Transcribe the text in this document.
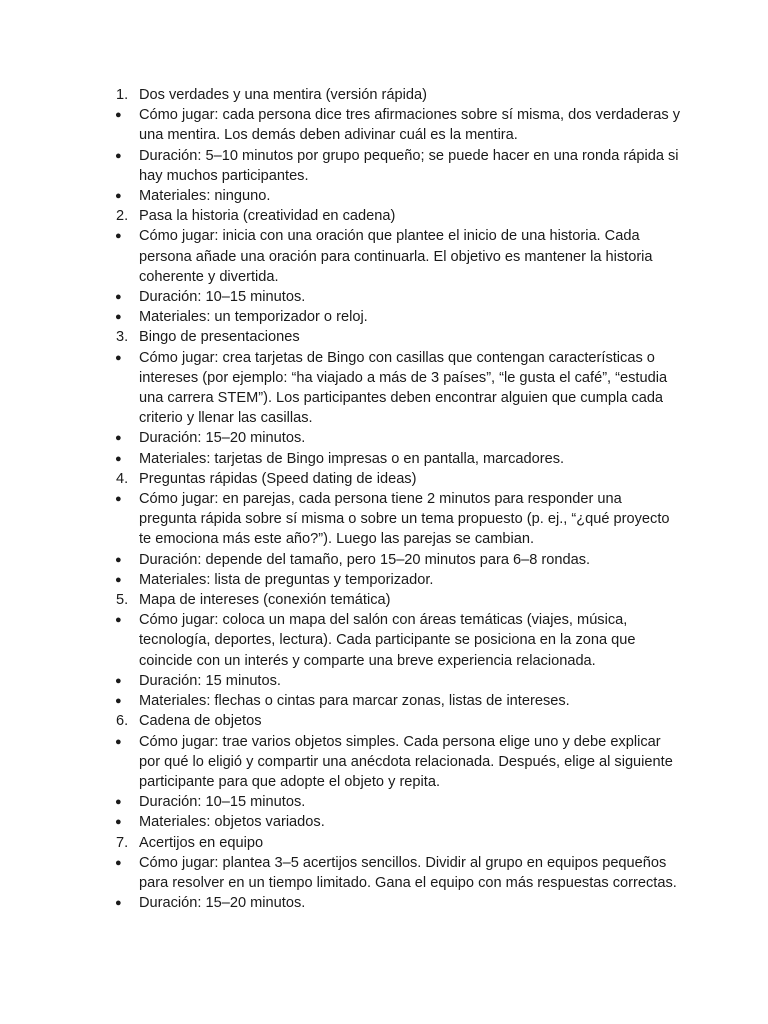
1. Dos verdades y una mentira (versión rápida)
●	Cómo jugar: cada persona dice tres afirmaciones sobre sí misma, dos verdaderas y una mentira. Los demás deben adivinar cuál es la mentira.
●	Duración: 5–10 minutos por grupo pequeño; se puede hacer en una ronda rápida si hay muchos participantes.
●	Materiales: ninguno.
2. Pasa la historia (creatividad en cadena)
●	Cómo jugar: inicia con una oración que plantee el inicio de una historia. Cada persona añade una oración para continuarla. El objetivo es mantener la historia coherente y divertida.
●	Duración: 10–15 minutos.
●	Materiales: un temporizador o reloj.
3. Bingo de presentaciones
●	Cómo jugar: crea tarjetas de Bingo con casillas que contengan características o intereses (por ejemplo: “ha viajado a más de 3 países”, “le gusta el café”, “estudia una carrera STEM”). Los participantes deben encontrar alguien que cumpla cada criterio y llenar las casillas.
●	Duración: 15–20 minutos.
●	Materiales: tarjetas de Bingo impresas o en pantalla, marcadores.
4. Preguntas rápidas (Speed dating de ideas)
●	Cómo jugar: en parejas, cada persona tiene 2 minutos para responder una pregunta rápida sobre sí misma o sobre un tema propuesto (p. ej., “¿qué proyecto te emociona más este año?”). Luego las parejas se cambian.
●	Duración: depende del tamaño, pero 15–20 minutos para 6–8 rondas.
●	Materiales: lista de preguntas y temporizador.
5. Mapa de intereses (conexión temática)
●	Cómo jugar: coloca un mapa del salón con áreas temáticas (viajes, música, tecnología, deportes, lectura). Cada participante se posiciona en la zona que coincide con un interés y comparte una breve experiencia relacionada.
●	Duración: 15 minutos.
●	Materiales: flechas o cintas para marcar zonas, listas de intereses.
6. Cadena de objetos
●	Cómo jugar: trae varios objetos simples. Cada persona elige uno y debe explicar por qué lo eligió y compartir una anécdota relacionada. Después, elige al siguiente participante para que adopte el objeto y repita.
●	Duración: 10–15 minutos.
●	Materiales: objetos variados.
7. Acertijos en equipo
●	Cómo jugar: plantea 3–5 acertijos sencillos. Dividir al grupo en equipos pequeños para resolver en un tiempo limitado. Gana el equipo con más respuestas correctas.
●	Duración: 15–20 minutos.
